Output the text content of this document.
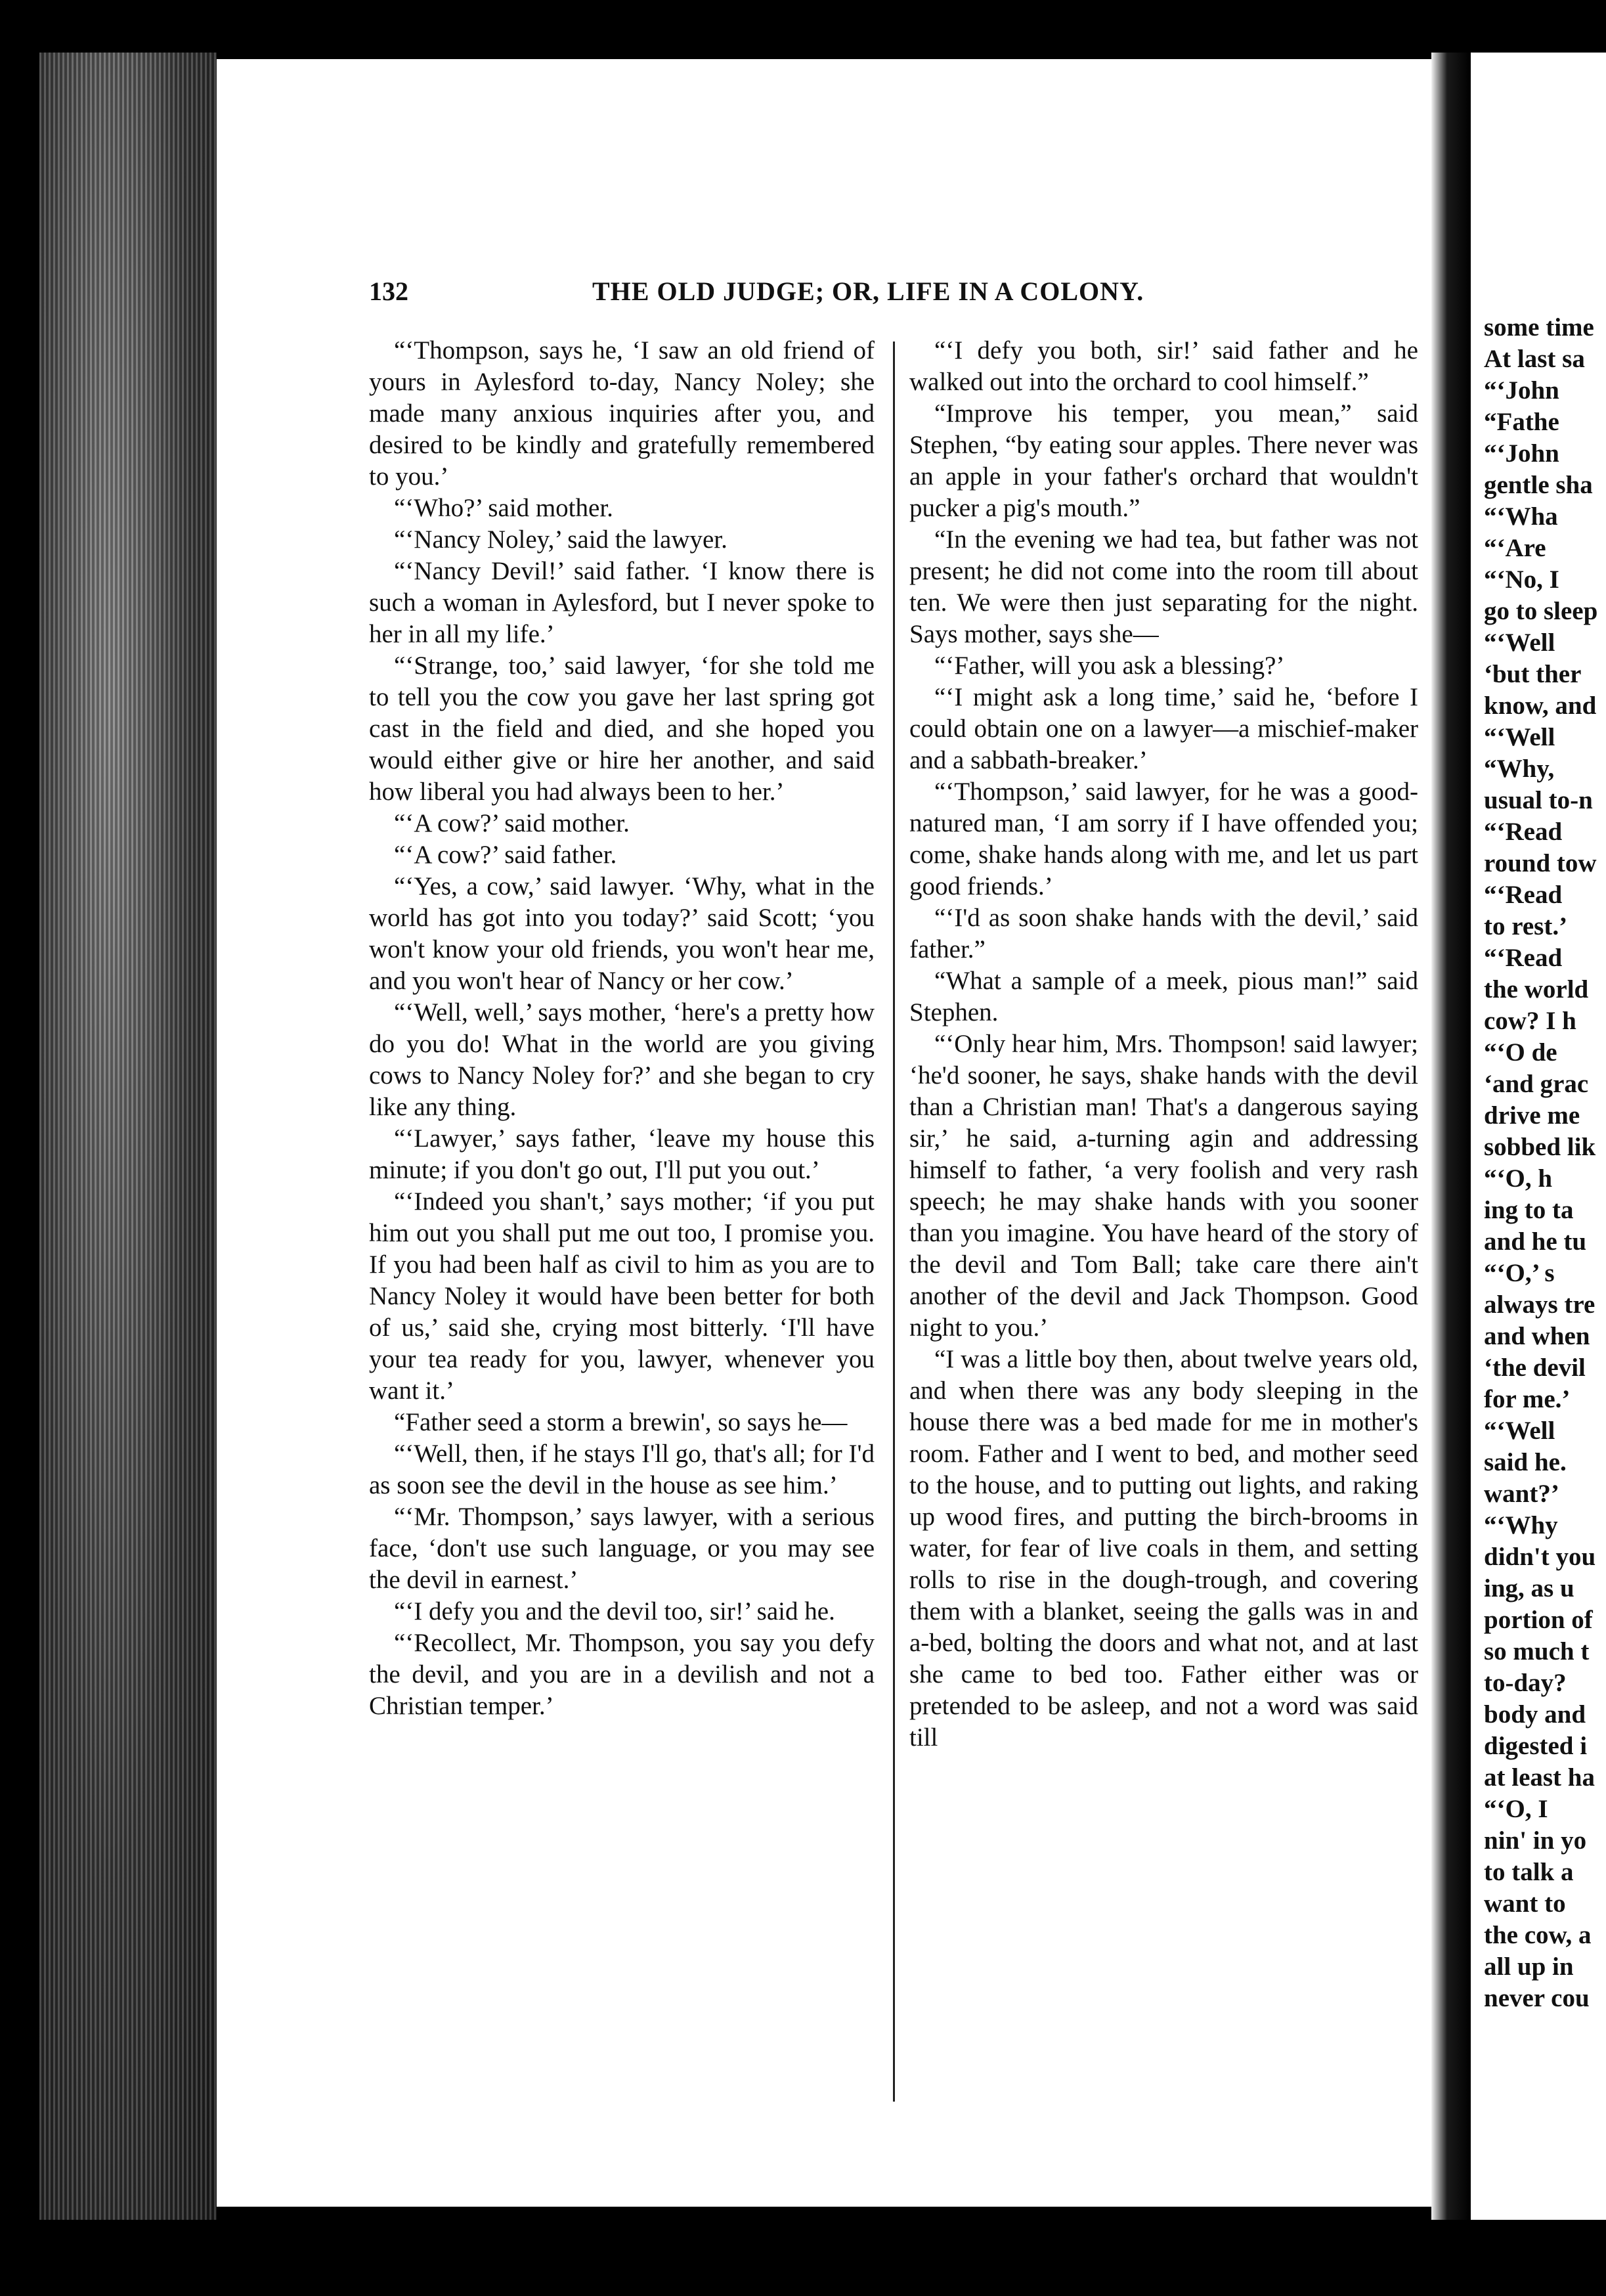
132	THE OLD JUDGE; OR, LIFE IN A COLONY.

“‘Thompson, says he, ‘I saw an old friend of yours in Aylesford to-day, Nancy Noley; she made many anxious inquiries after you, and desired to be kindly and gratefully remembered to you.’

“‘Who?’ said mother.

“‘Nancy Noley,’ said the lawyer.

“‘Nancy Devil!’ said father. ‘I know there is such a woman in Aylesford, but I never spoke to her in all my life.’

“‘Strange, too,’ said lawyer, ‘for she told me to tell you the cow you gave her last spring got cast in the field and died, and she hoped you would either give or hire her another, and said how liberal you had always been to her.’

“‘A cow?’ said mother.

“‘A cow?’ said father.

“‘Yes, a cow,’ said lawyer. ‘Why, what in the world has got into you today?’ said Scott; ‘you won't know your old friends, you won't hear me, and you won't hear of Nancy or her cow.’

“‘Well, well,’ says mother, ‘here's a pretty how do you do! What in the world are you giving cows to Nancy Noley for?’ and she began to cry like any thing.

“‘Lawyer,’ says father, ‘leave my house this minute; if you don't go out, I'll put you out.’

“‘Indeed you shan't,’ says mother; ‘if you put him out you shall put me out too, I promise you. If you had been half as civil to him as you are to Nancy Noley it would have been better for both of us,’ said she, crying most bitterly. ‘I'll have your tea ready for you, lawyer, whenever you want it.’

“Father seed a storm a brewin', so says he—

“‘Well, then, if he stays I'll go, that's all; for I'd as soon see the devil in the house as see him.’

“‘Mr. Thompson,’ says lawyer, with a serious face, ‘don't use such language, or you may see the devil in earnest.’

“‘I defy you and the devil too, sir!’ said he.

“‘Recollect, Mr. Thompson, you say you defy the devil, and you are in a devilish and not a Christian temper.’

“‘I defy you both, sir!’ said father and he walked out into the orchard to cool himself.”

“Improve his temper, you mean,” said Stephen, “by eating sour apples. There never was an apple in your father's orchard that wouldn't pucker a pig's mouth.”

“In the evening we had tea, but father was not present; he did not come into the room till about ten. We were then just separating for the night. Says mother, says she—

“‘Father, will you ask a blessing?’

“‘I might ask a long time,’ said he, ‘before I could obtain one on a lawyer—a mischief-maker and a sabbath-breaker.’

“‘Thompson,’ said lawyer, for he was a good-natured man, ‘I am sorry if I have offended you; come, shake hands along with me, and let us part good friends.’

“‘I'd as soon shake hands with the devil,’ said father.”

“What a sample of a meek, pious man!” said Stephen.

“‘Only hear him, Mrs. Thompson! said lawyer; ‘he'd sooner, he says, shake hands with the devil than a Christian man! That's a dangerous saying sir,’ he said, a-turning agin and addressing himself to father, ‘a very foolish and very rash speech; he may shake hands with you sooner than you imagine. You have heard of the story of the devil and Tom Ball; take care there ain't another of the devil and Jack Thompson. Good night to you.’

“I was a little boy then, about twelve years old, and when there was any body sleeping in the house there was a bed made for me in mother's room. Father and I went to bed, and mother seed to the house, and to putting out lights, and raking up wood fires, and putting the birch-brooms in water, for fear of live coals in them, and setting rolls to rise in the dough-trough, and covering them with a blanket, seeing the galls was in and a-bed, bolting the doors and what not, and at last she came to bed too. Father either was or pretended to be asleep, and not a word was said till

some time
At last sa
“‘John
“Fathe
“‘John
gentle sha
“‘Wha
“‘Are
“‘No, I
go to sleep
“‘Well
‘but ther
know, and
“‘Well
“Why,
usual to-n
“‘Read
round tow
“‘Read
to rest.’
“‘Read
the world
cow? I h
“‘O de
‘and grac
drive me
sobbed lik
“‘O, h
ing to ta
and he tu
“‘O,’ s
always tre
and when
‘the devil
for me.’
“‘Well
said he.
want?’
“‘Why
didn't you
ing, as u
portion of
so much t
to-day?
body and
digested i
at least ha
“‘O, I
nin' in yo
to talk a
want to
the cow, a
all up in
never cou
